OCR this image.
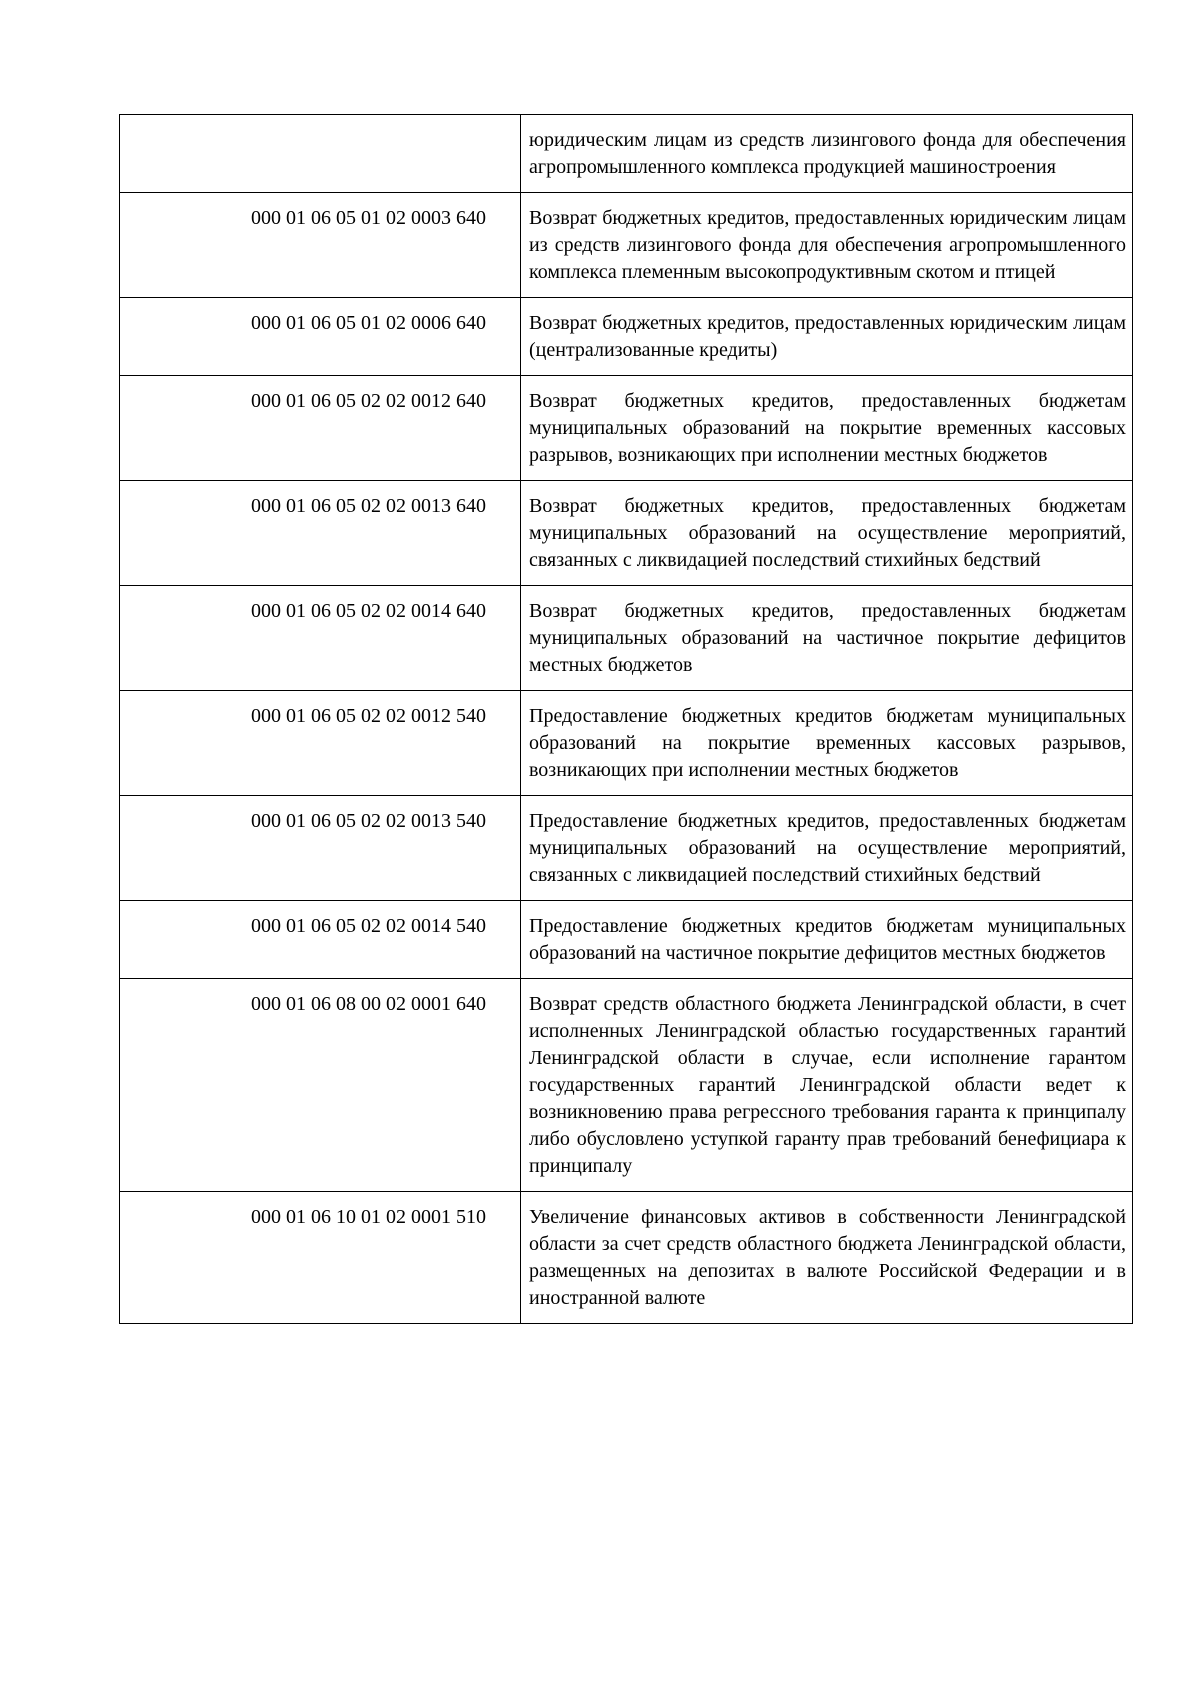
	юридическим лицам из средств лизингового фонда для обеспечения агропромышленного комплекса продукцией машиностроения
000 01 06 05 01 02 0003 640	Возврат бюджетных кредитов, предоставленных юридическим лицам из средств лизингового фонда для обеспечения агропромышленного комплекса племенным высокопродуктивным скотом и птицей
000 01 06 05 01 02 0006 640	Возврат бюджетных кредитов, предоставленных юридическим лицам (централизованные кредиты)
000 01 06 05 02 02 0012 640	Возврат бюджетных кредитов, предоставленных бюджетам муниципальных образований на покрытие временных кассовых разрывов, возникающих при исполнении местных бюджетов
000 01 06 05 02 02 0013 640	Возврат бюджетных кредитов, предоставленных бюджетам муниципальных образований на осуществление мероприятий, связанных с ликвидацией последствий стихийных бедствий
000 01 06 05 02 02 0014 640	Возврат бюджетных кредитов, предоставленных бюджетам муниципальных образований на частичное покрытие дефицитов местных бюджетов
000 01 06 05 02 02 0012 540	Предоставление бюджетных кредитов бюджетам муниципальных образований на покрытие временных кассовых разрывов, возникающих при исполнении местных бюджетов
000 01 06 05 02 02 0013 540	Предоставление бюджетных кредитов, предоставленных бюджетам муниципальных образований на осуществление мероприятий, связанных с ликвидацией последствий стихийных бедствий
000 01 06 05 02 02 0014 540	Предоставление бюджетных кредитов бюджетам муниципальных образований на частичное покрытие дефицитов местных бюджетов
000 01 06 08 00 02 0001 640	Возврат средств областного бюджета Ленинградской области, в счет исполненных Ленинградской областью государственных гарантий Ленинградской области в случае, если исполнение гарантом государственных гарантий Ленинградской области ведет к возникновению права регрессного требования гаранта к принципалу либо обусловлено уступкой гаранту прав требований бенефициара к принципалу
000 01 06 10 01 02 0001 510	Увеличение финансовых активов в собственности Ленинградской области за счет средств областного бюджета Ленинградской области, размещенных на депозитах в валюте Российской Федерации и в иностранной валюте
